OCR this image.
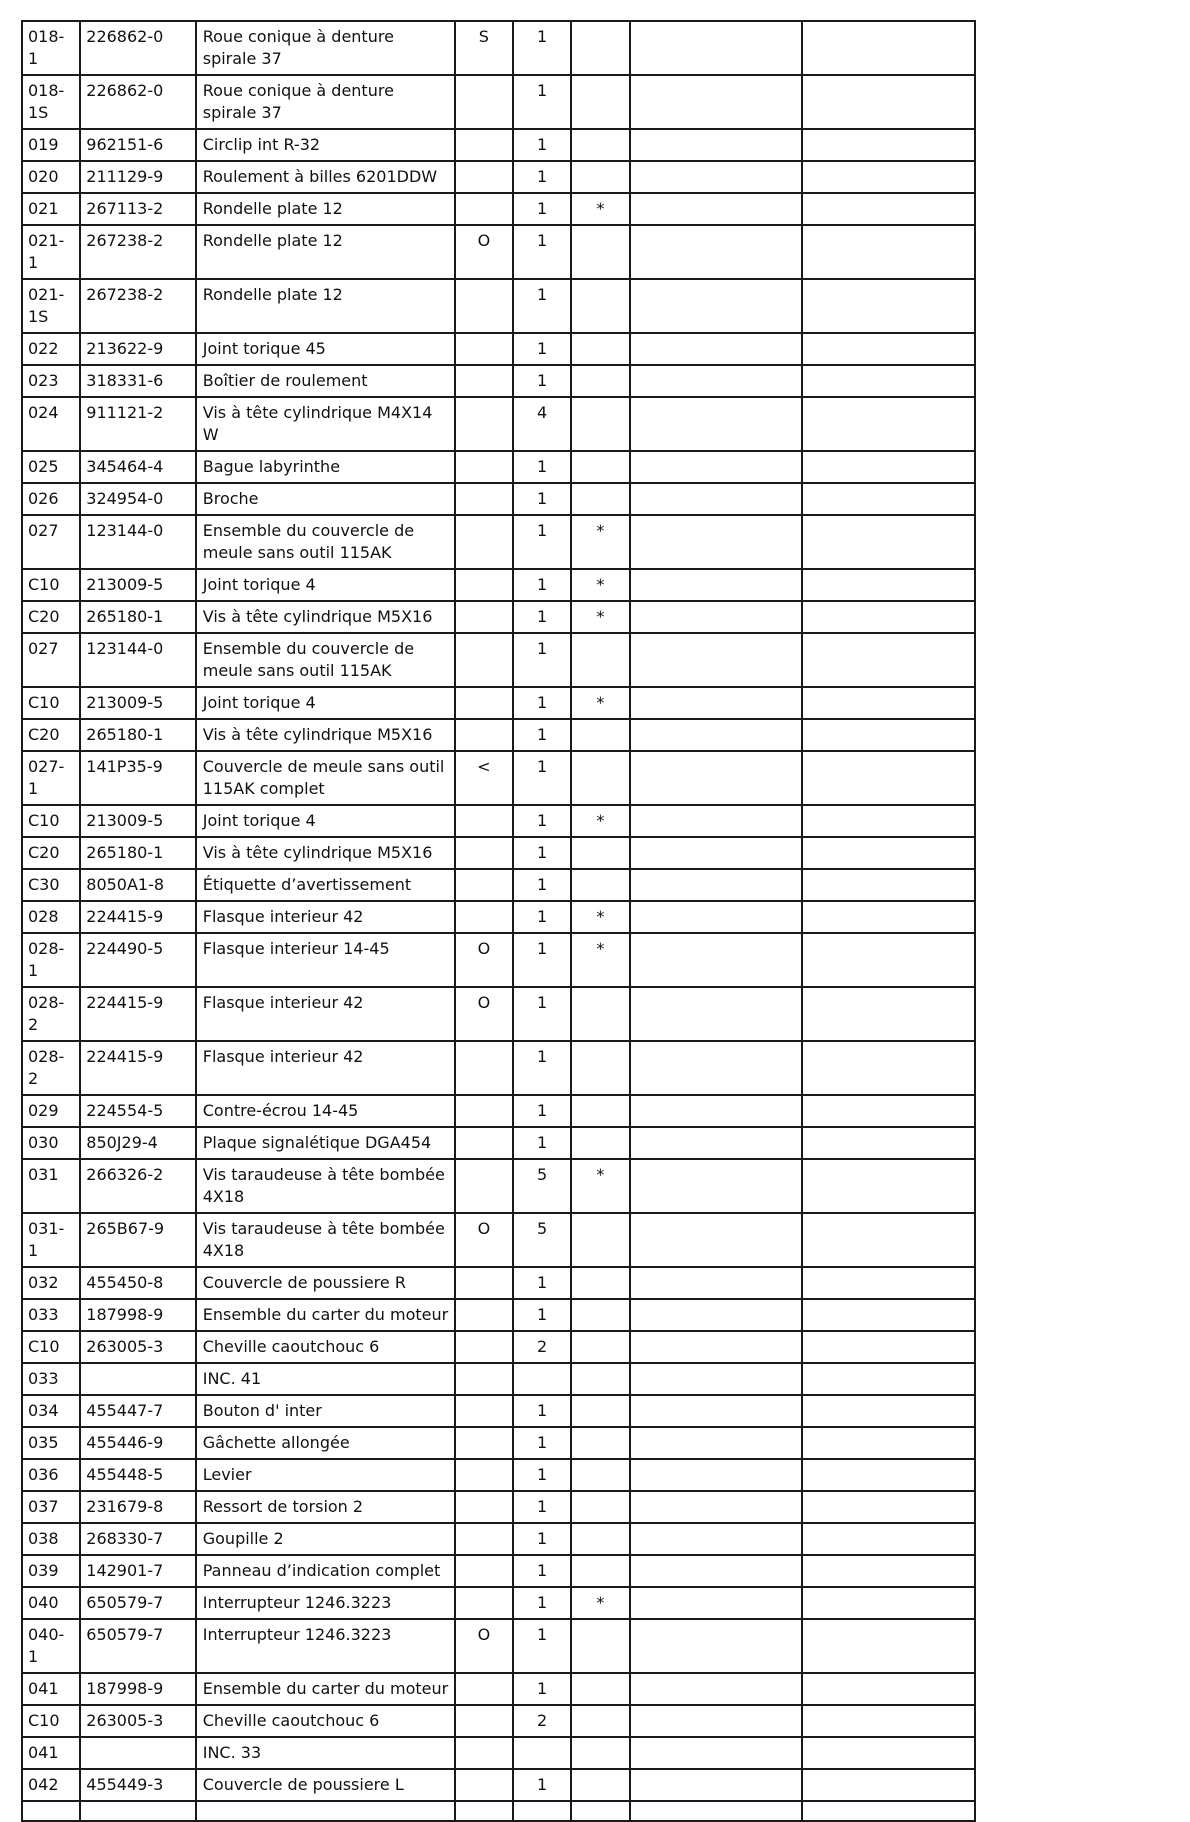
018-1	226862-0	Roue conique à denture spirale 37	S	1			
018-1S	226862-0	Roue conique à denture spirale 37		1			
019	962151-6	Circlip int R-32		1			
020	211129-9	Roulement à billes 6201DDW		1			
021	267113-2	Rondelle plate 12		1	*		
021-1	267238-2	Rondelle plate 12	O	1			
021-1S	267238-2	Rondelle plate 12		1			
022	213622-9	Joint torique 45		1			
023	318331-6	Boîtier de roulement		1			
024	911121-2	Vis à tête cylindrique M4X14 W		4			
025	345464-4	Bague labyrinthe		1			
026	324954-0	Broche		1			
027	123144-0	Ensemble du couvercle de meule sans outil 115AK		1	*		
C10	213009-5	Joint torique 4		1	*		
C20	265180-1	Vis à tête cylindrique M5X16		1	*		
027	123144-0	Ensemble du couvercle de meule sans outil 115AK		1			
C10	213009-5	Joint torique 4		1	*		
C20	265180-1	Vis à tête cylindrique M5X16		1			
027-1	141P35-9	Couvercle de meule sans outil 115AK complet	<	1			
C10	213009-5	Joint torique 4		1	*		
C20	265180-1	Vis à tête cylindrique M5X16		1			
C30	8050A1-8	Étiquette d’avertissement		1			
028	224415-9	Flasque interieur 42		1	*		
028-1	224490-5	Flasque interieur 14-45	O	1	*		
028-2	224415-9	Flasque interieur 42	O	1			
028-2	224415-9	Flasque interieur 42		1			
029	224554-5	Contre-écrou 14-45		1			
030	850J29-4	Plaque signalétique DGA454		1			
031	266326-2	Vis taraudeuse à tête bombée 4X18		5	*		
031-1	265B67-9	Vis taraudeuse à tête bombée 4X18	O	5			
032	455450-8	Couvercle de poussiere R		1			
033	187998-9	Ensemble du carter du moteur		1			
C10	263005-3	Cheville caoutchouc 6		2			
033		INC. 41					
034	455447-7	Bouton d' inter		1			
035	455446-9	Gâchette allongée		1			
036	455448-5	Levier		1			
037	231679-8	Ressort de torsion 2		1			
038	268330-7	Goupille 2		1			
039	142901-7	Panneau d’indication complet		1			
040	650579-7	Interrupteur 1246.3223		1	*		
040-1	650579-7	Interrupteur 1246.3223	O	1			
041	187998-9	Ensemble du carter du moteur		1			
C10	263005-3	Cheville caoutchouc 6		2			
041		INC. 33					
042	455449-3	Couvercle de poussiere L		1			
